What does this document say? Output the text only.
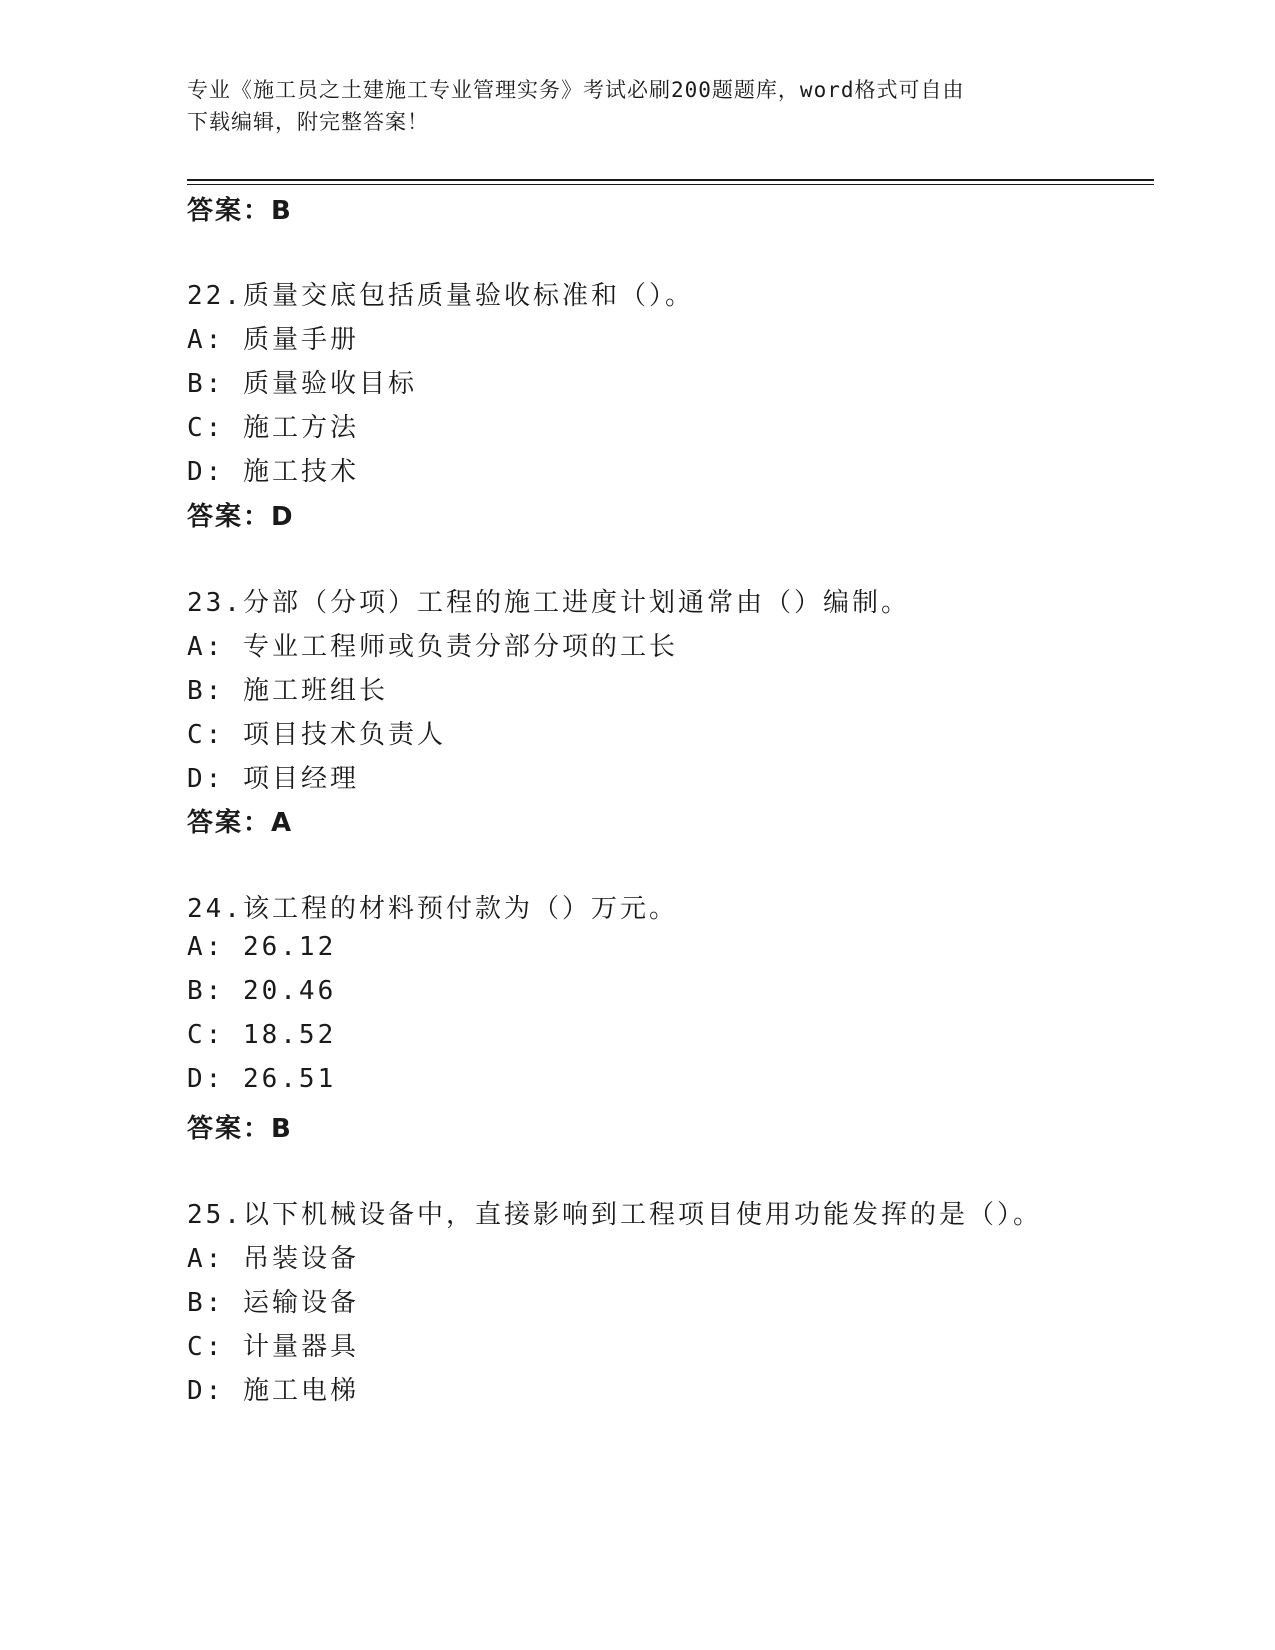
专业《施工员之土建施工专业管理实务》考试必刷200题题库，word格式可自由
下载编辑，附完整答案！
答案：B
22.质量交底包括质量验收标准和（）。
A: 质量手册
B: 质量验收目标
C: 施工方法
D: 施工技术
答案：D
23.分部（分项）工程的施工进度计划通常由（）编制。
A: 专业工程师或负责分部分项的工长
B: 施工班组长
C: 项目技术负责人
D: 项目经理
答案：A
24.该工程的材料预付款为（）万元。
A: 26.12
B: 20.46
C: 18.52
D: 26.51
答案：B
25.以下机械设备中，直接影响到工程项目使用功能发挥的是（）。
A: 吊装设备
B: 运输设备
C: 计量器具
D: 施工电梯
